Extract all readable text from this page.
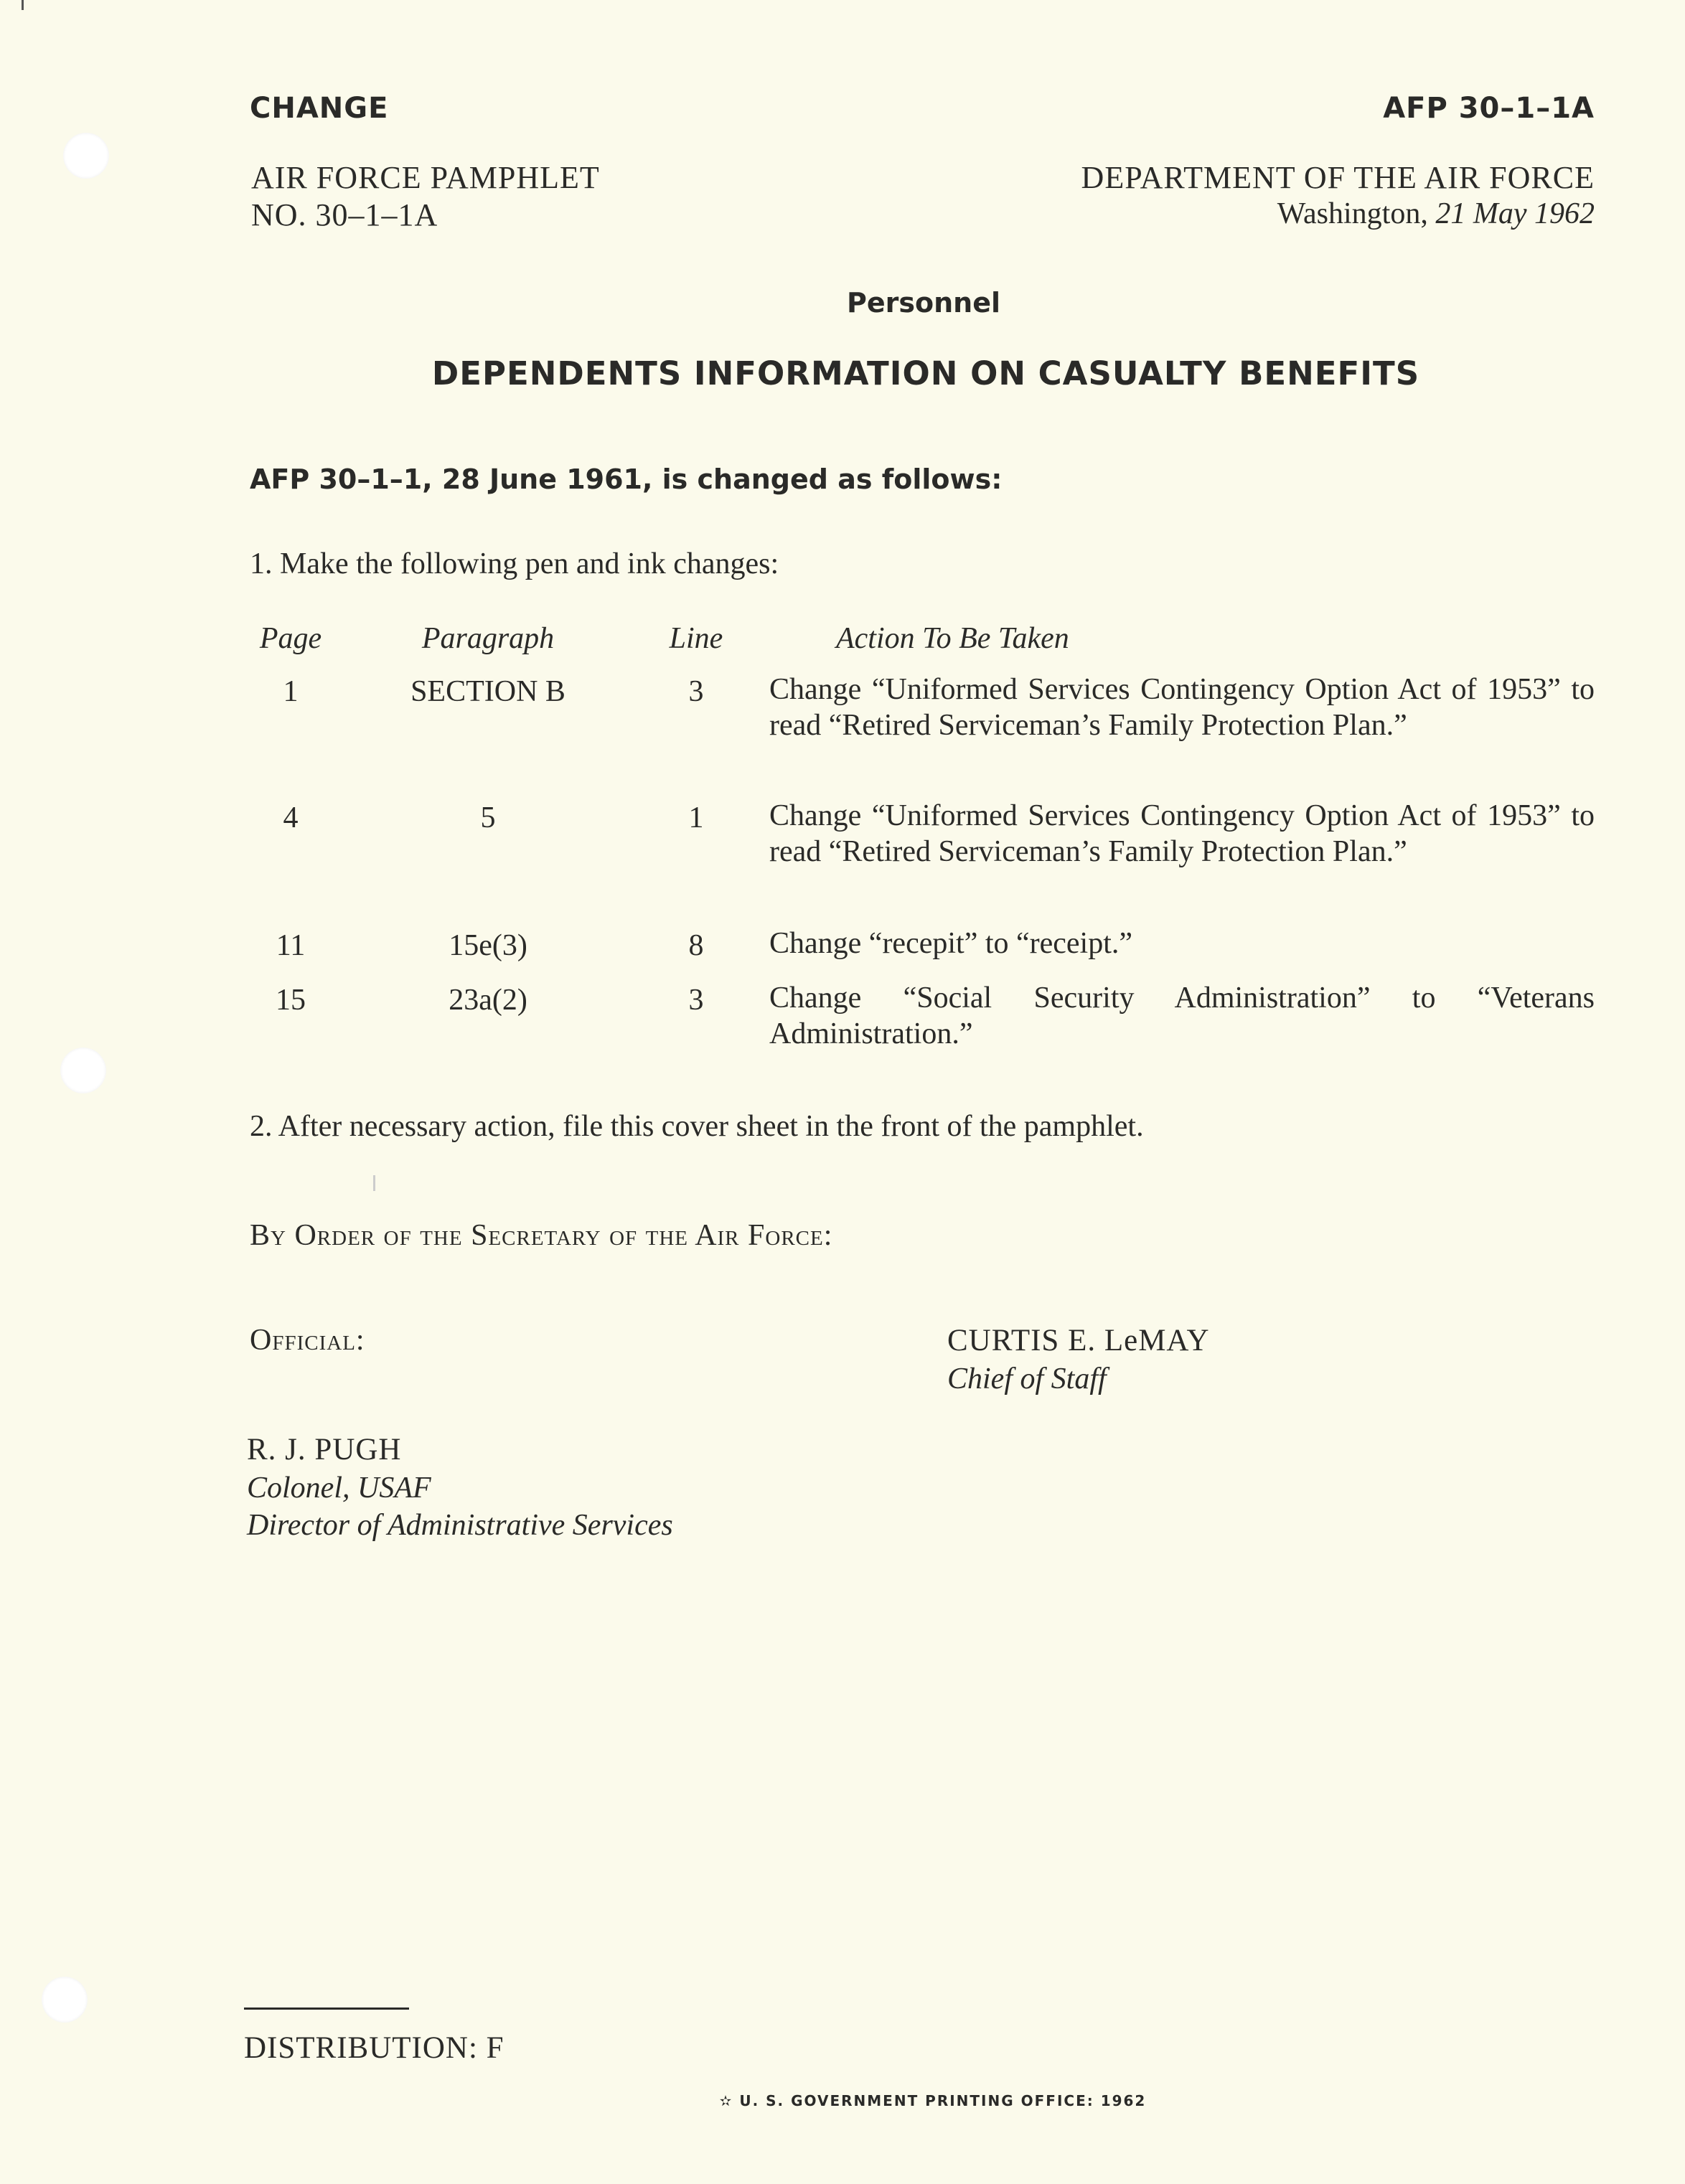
CHANGE	AFP 30–1–1A
AIR FORCE PAMPHLET
NO. 30–1–1A
DEPARTMENT OF THE AIR FORCE
Washington, 21 May 1962
Personnel
DEPENDENTS INFORMATION ON CASUALTY BENEFITS
AFP 30–1–1, 28 June 1961, is changed as follows:
1. Make the following pen and ink changes:
Page	Paragraph	Line	Action To Be Taken
1	SECTION B	3	Change “Uniformed Services Contingency Option Act of 1953” to read “Retired Serviceman’s Family Protection Plan.”
4	5	1	Change “Uniformed Services Contingency Option Act of 1953” to read “Retired Serviceman’s Family Protection Plan.”
11	15e(3)	8	Change “recepit” to “receipt.”
15	23a(2)	3	Change “Social Security Administration” to “Veterans Administration.”
2. After necessary action, file this cover sheet in the front of the pamphlet.
By Order of the Secretary of the Air Force:
Official:	CURTIS E. LeMAY
Chief of Staff
R. J. PUGH
Colonel, USAF
Director of Administrative Services
DISTRIBUTION: F
✫ U. S. GOVERNMENT PRINTING OFFICE: 1962
